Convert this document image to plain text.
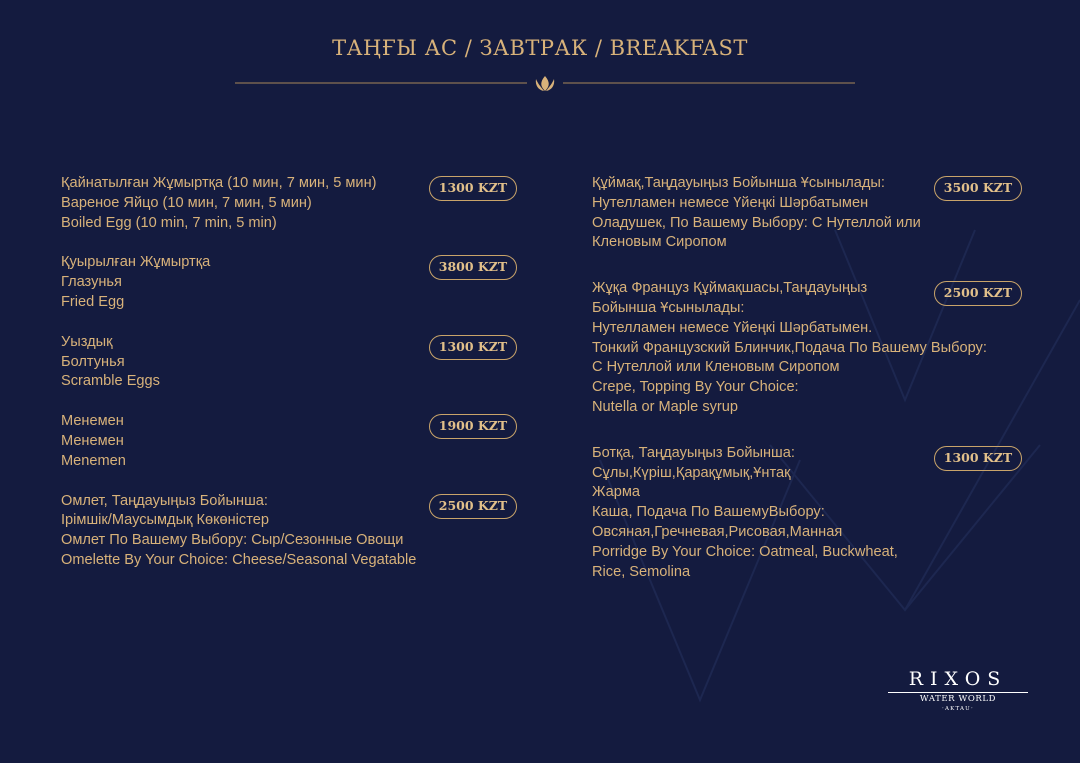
ТАҢҒЫ АС / ЗАВТРАК / BREAKFAST
Қайнатылған Жұмыртқа (10 мин, 7 мин, 5 мин)
Вареное Яйцо (10 мин, 7 мин, 5 мин)
Boiled Egg (10 min, 7 min, 5 min)
1300 KZT
Қуырылған Жұмыртқа
Глазунья
Fried Egg
3800 KZT
Уыздық
Болтунья
Scramble Eggs
1300 KZT
Менемен
Менемен
Menemen
1900 KZT
Омлет, Таңдауыңыз Бойынша:
Ірімшік/Маусымдық Көкөністер
Омлет По Вашему Выбору: Сыр/Сезонные Овощи
Omelette By Your Choice: Cheese/Seasonal Vegatable
2500 KZT
Құймақ,Таңдауыңыз Бойынша Ұсынылады:
Нутелламен немесе Үйеңкі Шәрбатымен
Оладушек, По Вашему Выбору: С Нутеллой или
Кленовым Сиропом
3500 KZT
Жұқа Француз Құймақшасы,Таңдауыңыз
Бойынша Ұсынылады:
Нутелламен немесе Үйеңкі Шәрбатымен.
Тонкий Французский Блинчик,Подача По Вашему Выбору:
С Нутеллой или Кленовым Сиропом
Crepe, Topping By Your Choice:
Nutella or Maple syrup
2500 KZT
Ботқа, Таңдауыңыз Бойынша:
Сұлы,Күріш,Қарақұмық,Ұнтақ
Жарма
Каша, Подача По ВашемуВыбору:
Овсяная,Гречневая,Рисовая,Манная
Porridge By Your Choice: Oatmeal, Buckwheat,
Rice, Semolina
1300 KZT
RIXOS
WATER WORLD
·AKTAU·
